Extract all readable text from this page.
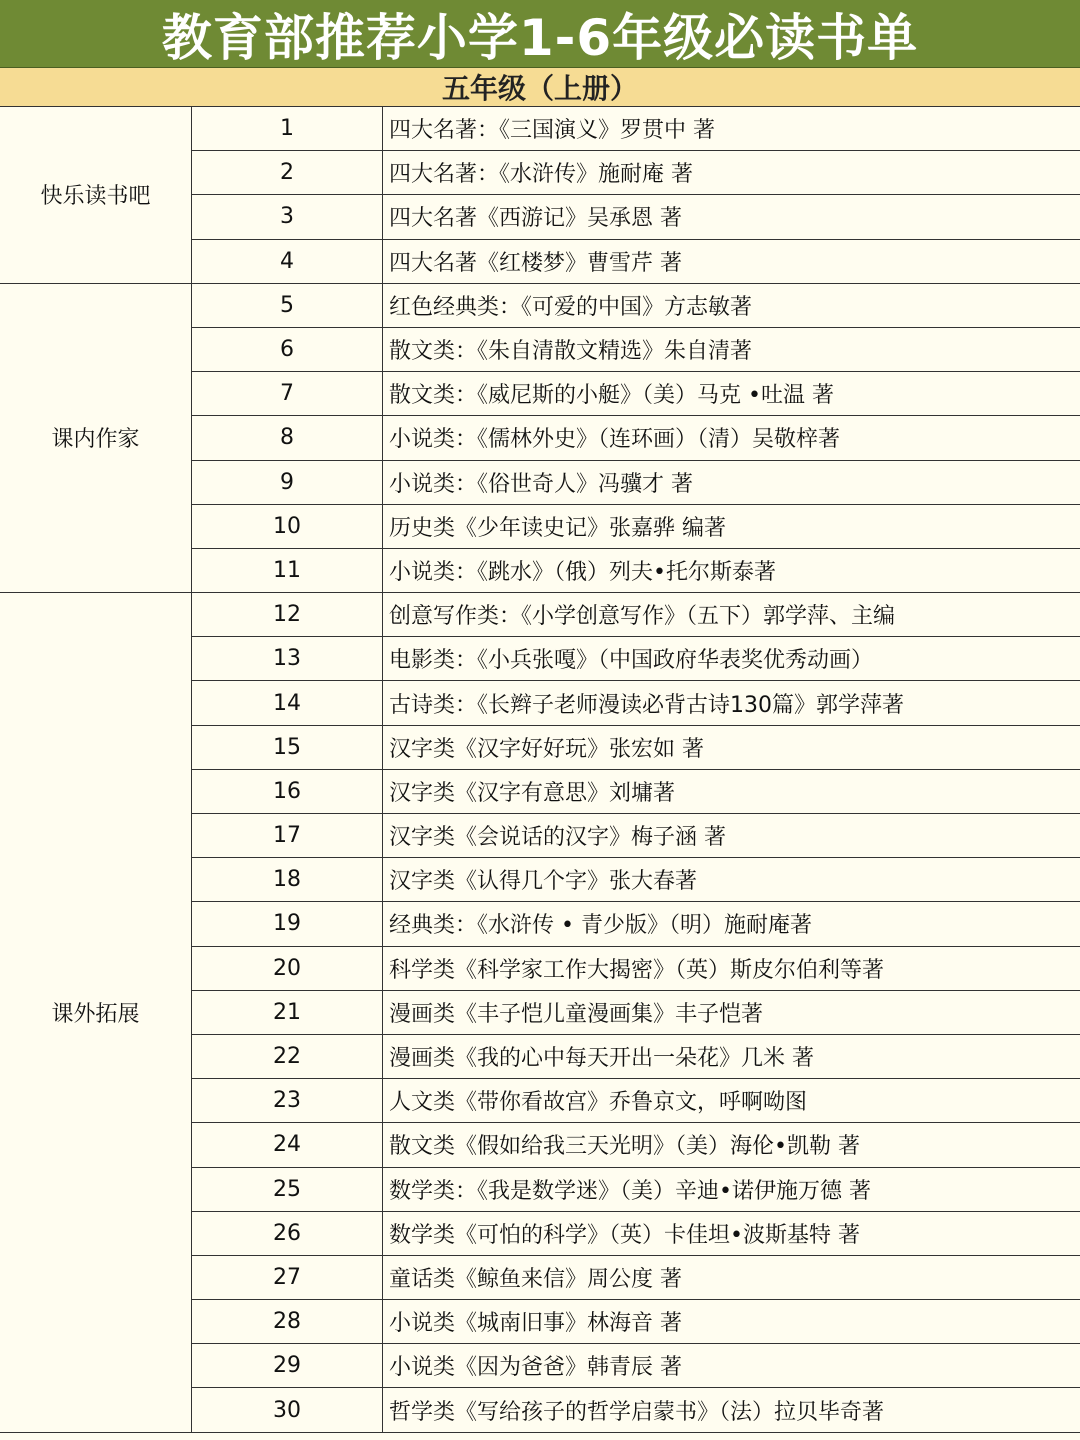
教育部推荐小学1-6年级必读书单
五年级（上册）
快乐读书吧	1	四大名著：《三国演义》罗贯中 著
	2	四大名著：《水浒传》施耐庵 著
	3	四大名著《西游记》吴承恩 著
	4	四大名著《红楼梦》曹雪芹 著
课内作家	5	红色经典类：《可爱的中国》方志敏著
	6	散文类：《朱自清散文精选》朱自清著
	7	散文类：《威尼斯的小艇》（美）马克 •吐温 著
	8	小说类：《儒林外史》（连环画）（清）吴敬梓著
	9	小说类：《俗世奇人》冯骥才 著
	10	历史类《少年读史记》张嘉骅 编著
	11	小说类：《跳水》（俄）列夫•托尔斯泰著
课外拓展	12	创意写作类：《小学创意写作》（五下）郭学萍、主编
	13	电影类：《小兵张嘎》（中国政府华表奖优秀动画）
	14	古诗类：《长辫子老师漫读必背古诗130篇》郭学萍著
	15	汉字类《汉字好好玩》张宏如 著
	16	汉字类《汉字有意思》刘墉著
	17	汉字类《会说话的汉字》梅子涵 著
	18	汉字类《认得几个字》张大春著
	19	经典类：《水浒传 • 青少版》（明）施耐庵著
	20	科学类《科学家工作大揭密》（英）斯皮尔伯利等著
	21	漫画类《丰子恺儿童漫画集》丰子恺著
	22	漫画类《我的心中每天开出一朵花》几米 著
	23	人文类《带你看故宫》乔鲁京文，呼啊呦图
	24	散文类《假如给我三天光明》（美）海伦•凯勒 著
	25	数学类：《我是数学迷》（美）辛迪•诺伊施万德 著
	26	数学类《可怕的科学》（英）卡佳坦•波斯基特 著
	27	童话类《鲸鱼来信》周公度 著
	28	小说类《城南旧事》林海音 著
	29	小说类《因为爸爸》韩青辰 著
	30	哲学类《写给孩子的哲学启蒙书》（法）拉贝毕奇著
